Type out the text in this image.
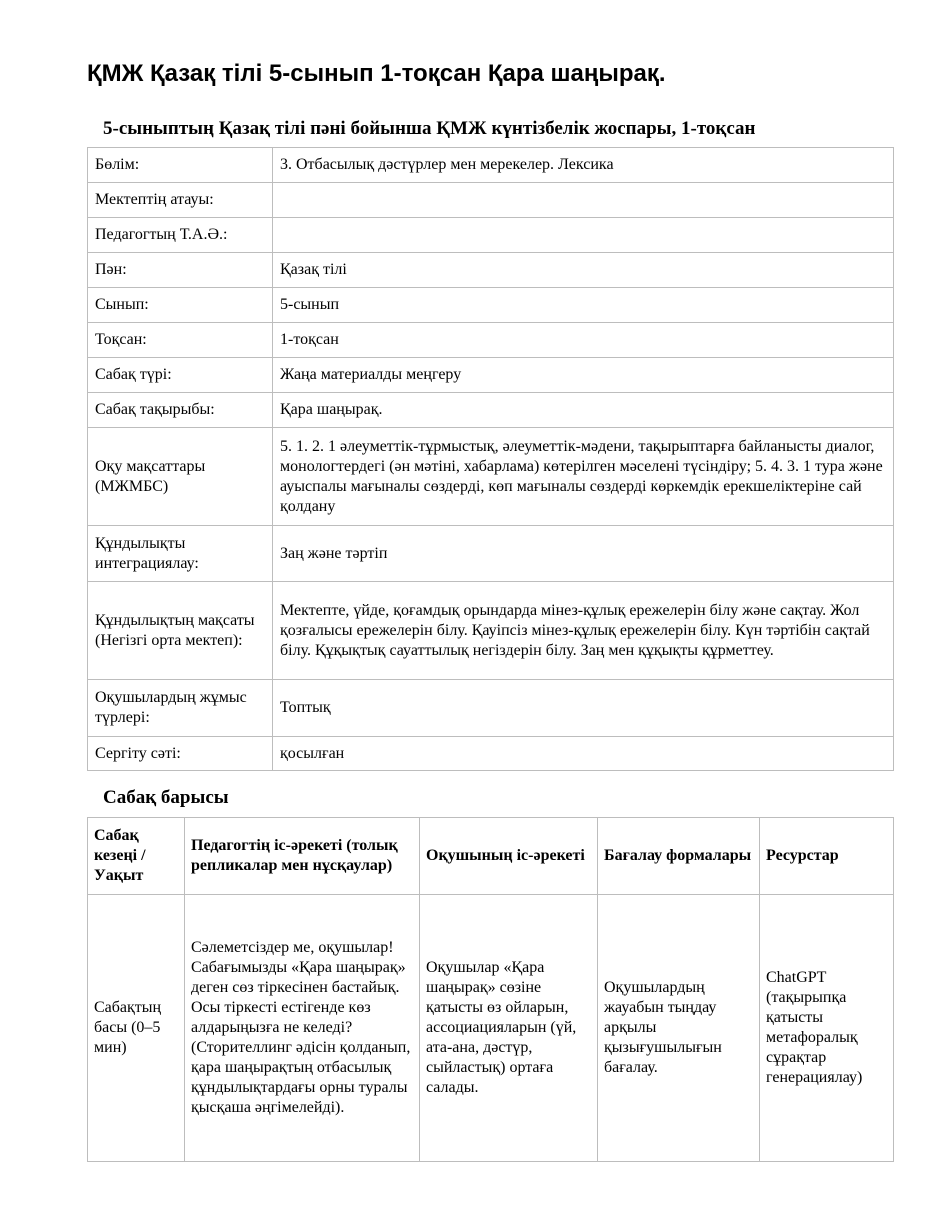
ҚМЖ Қазақ тілі 5-сынып 1-тоқсан Қара шаңырақ.
5-сыныптың Қазақ тілі пәні бойынша ҚМЖ күнтізбелік жоспары, 1-тоқсан
Бөлім:	3. Отбасылық дәстүрлер мен мерекелер. Лексика
Мектептің атауы:	
Педагогтың Т.А.Ә.:	
Пән:	Қазақ тілі
Сынып:	5-сынып
Тоқсан:	1-тоқсан
Сабақ түрі:	Жаңа материалды меңгеру
Сабақ тақырыбы:	Қара шаңырақ.
Оқу мақсаттары (МЖМБС)	5. 1. 2. 1 әлеуметтік-тұрмыстық, әлеуметтік-мәдени, тақырыптарға байланысты диалог, монологтердегі (ән мәтіні, хабарлама) көтерілген мәселені түсіндіру; 5. 4. 3. 1 тура және ауыспалы мағыналы сөздерді, көп мағыналы сөздерді көркемдік ерекшеліктеріне сай қолдану
Құндылықты интеграциялау:	Заң және тәртіп
Құндылықтың мақсаты (Негізгі орта мектеп):	Мектепте, үйде, қоғамдық орындарда мінез-құлық ережелерін білу және сақтау. Жол қозғалысы ережелерін білу. Қауіпсіз мінез-құлық ережелерін білу. Күн тәртібін сақтай білу. Құқықтық сауаттылық негіздерін білу. Заң мен құқықты құрметтеу.
Оқушылардың жұмыс түрлері:	Топтық
Сергіту сәті:	қосылған
Сабақ барысы
Сабақ кезеңі / Уақыт	Педагогтің іс-әрекеті (толық репликалар мен нұсқаулар)	Оқушының іс-әрекеті	Бағалау формалары	Ресурстар
Сабақтың басы (0–5 мин)	Сәлеметсіздер ме, оқушылар! Сабағымызды «Қара шаңырақ» деген сөз тіркесінен бастайық. Осы тіркесті естігенде көз алдарыңызға не келеді? (Сторителлинг әдісін қолданып, қара шаңырақтың отбасылық құндылықтардағы орны туралы қысқаша әңгімелейді).	Оқушылар «Қара шаңырақ» сөзіне қатысты өз ойларын, ассоциацияларын (үй, ата-ана, дәстүр, сыйластық) ортаға салады.	Оқушылардың жауабын тыңдау арқылы қызығушылығын бағалау.	ChatGPT (тақырыпқа қатысты метафоралық сұрақтар генерациялау)
